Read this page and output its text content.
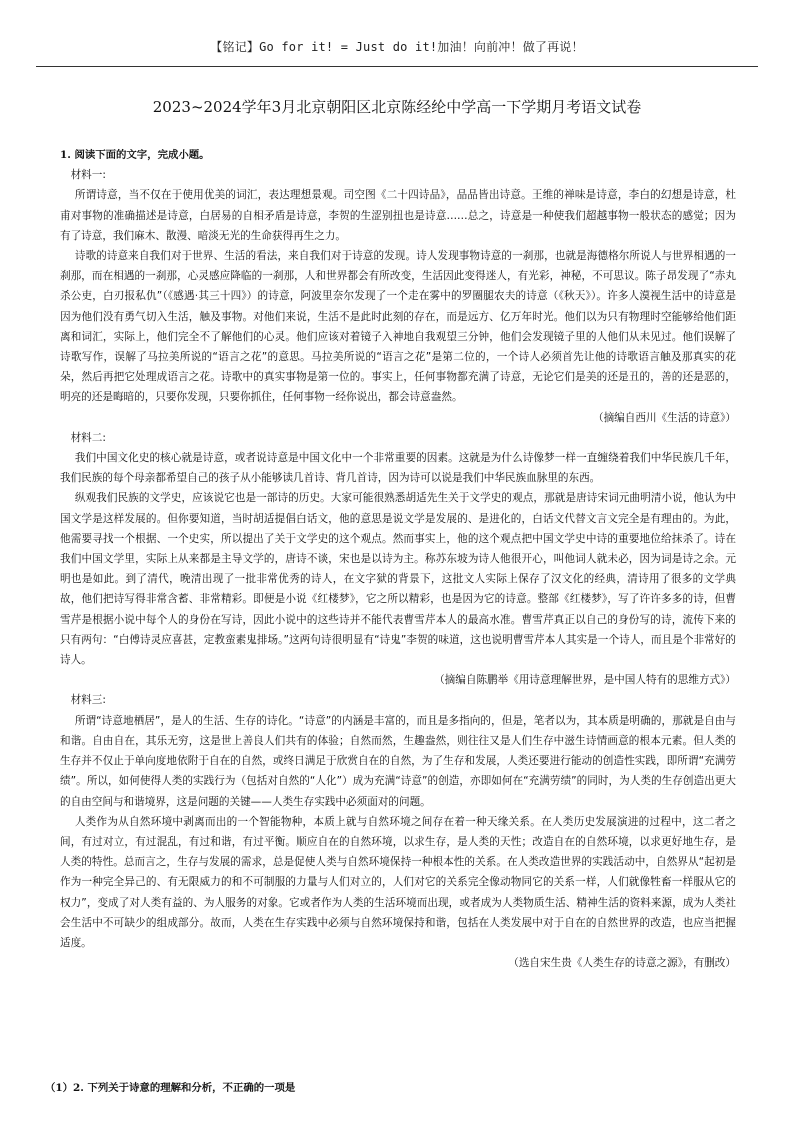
【铭记】Go for it! = Just do it!加油！向前冲！做了再说！
2023~2024学年3月北京朝阳区北京陈经纶中学高一下学期月考语文试卷

1. 阅读下面的文字，完成小题。

材料一:

所谓诗意，当不仅在于使用优美的词汇，表达理想景观。司空图《二十四诗品》，品品皆出诗意。王维的禅味是诗意，李白的幻想是诗意，杜甫对事物的准确描述是诗意，白居易的自相矛盾是诗意，李贺的生涩别扭也是诗意……总之，诗意是一种使我们超越事物一般状态的感觉；因为有了诗意，我们麻木、散漫、暗淡无光的生命获得再生之力。

诗歌的诗意来自我们对于世界、生活的看法，来自我们对于诗意的发现。诗人发现事物诗意的一刹那，也就是海德格尔所说人与世界相遇的一刹那，而在相遇的一刹那，心灵感应降临的一刹那，人和世界都会有所改变，生活因此变得迷人，有光彩，神秘，不可思议。陈子昂发现了“赤丸杀公吏，白刃报私仇”（《感遇·其三十四》）的诗意，阿波里奈尔发现了一个走在雾中的罗圈腿农夫的诗意（《秋天》）。许多人漠视生活中的诗意是因为他们没有勇气切入生活，触及事物。对他们来说，生活不是此时此刻的存在，而是远方、亿万年时光。他们以为只有物理时空能够给他们距离和词汇，实际上，他们完全不了解他们的心灵。他们应该对着镜子入神地自我观望三分钟，他们会发现镜子里的人他们从未见过。他们误解了诗歌写作，误解了马拉美所说的“语言之花”的意思。马拉美所说的“语言之花”是第二位的，一个诗人必须首先让他的诗歌语言触及那真实的花朵，然后再把它处理成语言之花。诗歌中的真实事物是第一位的。事实上，任何事物都充满了诗意，无论它们是美的还是丑的，善的还是恶的，明亮的还是晦暗的，只要你发现，只要你抓住，任何事物一经你说出，都会诗意盎然。

（摘编自西川《生活的诗意》）

材料二:

我们中国文化史的核心就是诗意，或者说诗意是中国文化中一个非常重要的因素。这就是为什么诗像梦一样一直缠绕着我们中华民族几千年，我们民族的每个母亲都希望自己的孩子从小能够读几首诗、背几首诗，因为诗可以说是我们中华民族血脉里的东西。

纵观我们民族的文学史，应该说它也是一部诗的历史。大家可能很熟悉胡适先生关于文学史的观点，那就是唐诗宋词元曲明清小说，他认为中国文学是这样发展的。但你要知道，当时胡适提倡白话文，他的意思是说文学是发展的、是进化的，白话文代替文言文完全是有理由的。为此，他需要寻找一个根据、一个史实，所以提出了关于文学史的这个观点。然而事实上，他的这个观点把中国文学史中诗的重要地位给抹杀了。诗在我们中国文学里，实际上从来都是主导文学的，唐诗不谈，宋也是以诗为主。称苏东坡为诗人他很开心，叫他词人就未必，因为词是诗之余。元明也是如此。到了清代，晚清出现了一批非常优秀的诗人，在文字狱的背景下，这批文人实际上保存了汉文化的经典，清诗用了很多的文学典故，他们把诗写得非常含蓄、非常精彩。即便是小说《红楼梦》，它之所以精彩，也是因为它的诗意。整部《红楼梦》，写了许许多多的诗，但曹雪芹是根据小说中每个人的身份在写诗，因此小说中的这些诗并不能代表曹雪芹本人的最高水准。曹雪芹真正以自己的身份写的诗，流传下来的只有两句：“白傅诗灵应喜甚，定教蛮素鬼排场。”这两句诗很明显有“诗鬼”李贺的味道，这也说明曹雪芹本人其实是一个诗人，而且是个非常好的诗人。

（摘编自陈鹏举《用诗意理解世界，是中国人特有的思维方式》）

材料三:

所谓“诗意地栖居”，是人的生活、生存的诗化。“诗意”的内涵是丰富的，而且是多指向的，但是，笔者以为，其本质是明确的，那就是自由与和谐。自由自在，其乐无穷，这是世上善良人们共有的体验；自然而然，生趣盎然，则往往又是人们生存中滋生诗情画意的根本元素。但人类的生存并不仅止于单向度地依附于自在的自然，或终日满足于欣赏自在的自然，为了生存和发展，人类还要进行能动的创造性实践，即所谓“充满劳绩”。所以，如何使得人类的实践行为（包括对自然的“人化”）成为充满“诗意”的创造，亦即如何在“充满劳绩”的同时，为人类的生存创造出更大的自由空间与和谐境界，这是问题的关键——人类生存实践中必须面对的问题。

人类作为从自然环境中剥离而出的一个智能物种，本质上就与自然环境之间存在着一种天缘关系。在人类历史发展演进的过程中，这二者之间，有过对立，有过混乱，有过和谐，有过平衡。顺应自在的自然环境，以求生存，是人类的天性；改造自在的自然环境，以求更好地生存，是人类的特性。总而言之，生存与发展的需求，总是促使人类与自然环境保持一种根本性的关系。在人类改造世界的实践活动中，自然界从“起初是作为一种完全异己的、有无限威力的和不可制服的力量与人们对立的，人们对它的关系完全像动物同它的关系一样，人们就像牲畜一样服从它的权力”，变成了对人类有益的、为人服务的对象。它或者作为人类的生活环境而出现，或者成为人类物质生活、精神生活的资料来源，成为人类社会生活中不可缺少的组成部分。故而，人类在生存实践中必须与自然环境保持和谐，包括在人类发展中对于自在的自然世界的改造，也应当把握适度。

（选自宋生贵《人类生存的诗意之源》，有删改）

（1）2. 下列关于诗意的理解和分析，不正确的一项是
